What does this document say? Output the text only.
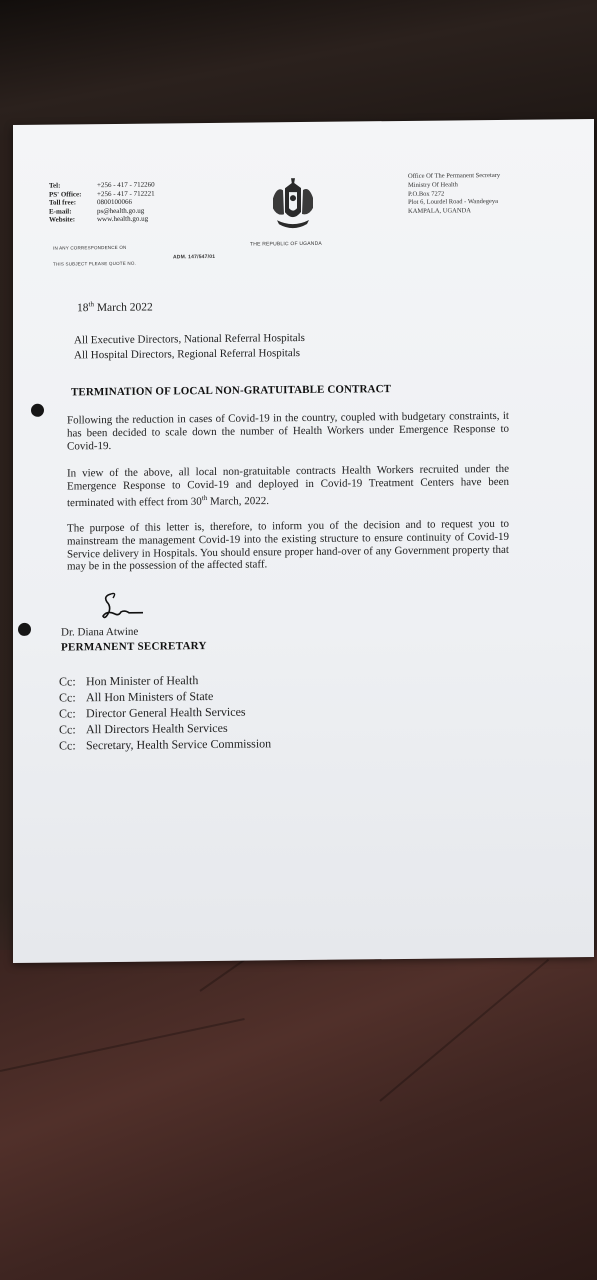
Tel:	+256 - 417 - 712260
PS' Office:	+256 - 417 - 712221
Toll free:	0800100066
E-mail:	ps@health.go.ug
Website:	www.health.go.ug
IN ANY CORRESPONDENCE ON
THIS SUBJECT PLEASE QUOTE NO.
ADM. 147/547/01
THE REPUBLIC OF UGANDA
Office Of The Permanent Secretary
Ministry Of Health
P.O.Box 7272
Plot 6, Lourdel Road - Wandegeya
KAMPALA, UGANDA
18th March 2022
All Executive Directors, National Referral Hospitals
All Hospital Directors, Regional Referral Hospitals
TERMINATION OF LOCAL NON-GRATUITABLE CONTRACT
Following the reduction in cases of Covid-19 in the country, coupled with budgetary constraints, it has been decided to scale down the number of Health Workers under Emergence Response to Covid-19.
In view of the above, all local non-gratuitable contracts Health Workers recruited under the Emergence Response to Covid-19 and deployed in Covid-19 Treatment Centers have been terminated with effect from 30th March, 2022.
The purpose of this letter is, therefore, to inform you of the decision and to request you to mainstream the management Covid-19 into the existing structure to ensure continuity of Covid-19 Service delivery in Hospitals. You should ensure proper hand-over of any Government property that may be in the possession of the affected staff.
Dr. Diana Atwine
PERMANENT SECRETARY
Cc: Hon Minister of Health
Cc: All Hon Ministers of State
Cc: Director General Health Services
Cc: All Directors Health Services
Cc: Secretary, Health Service Commission
